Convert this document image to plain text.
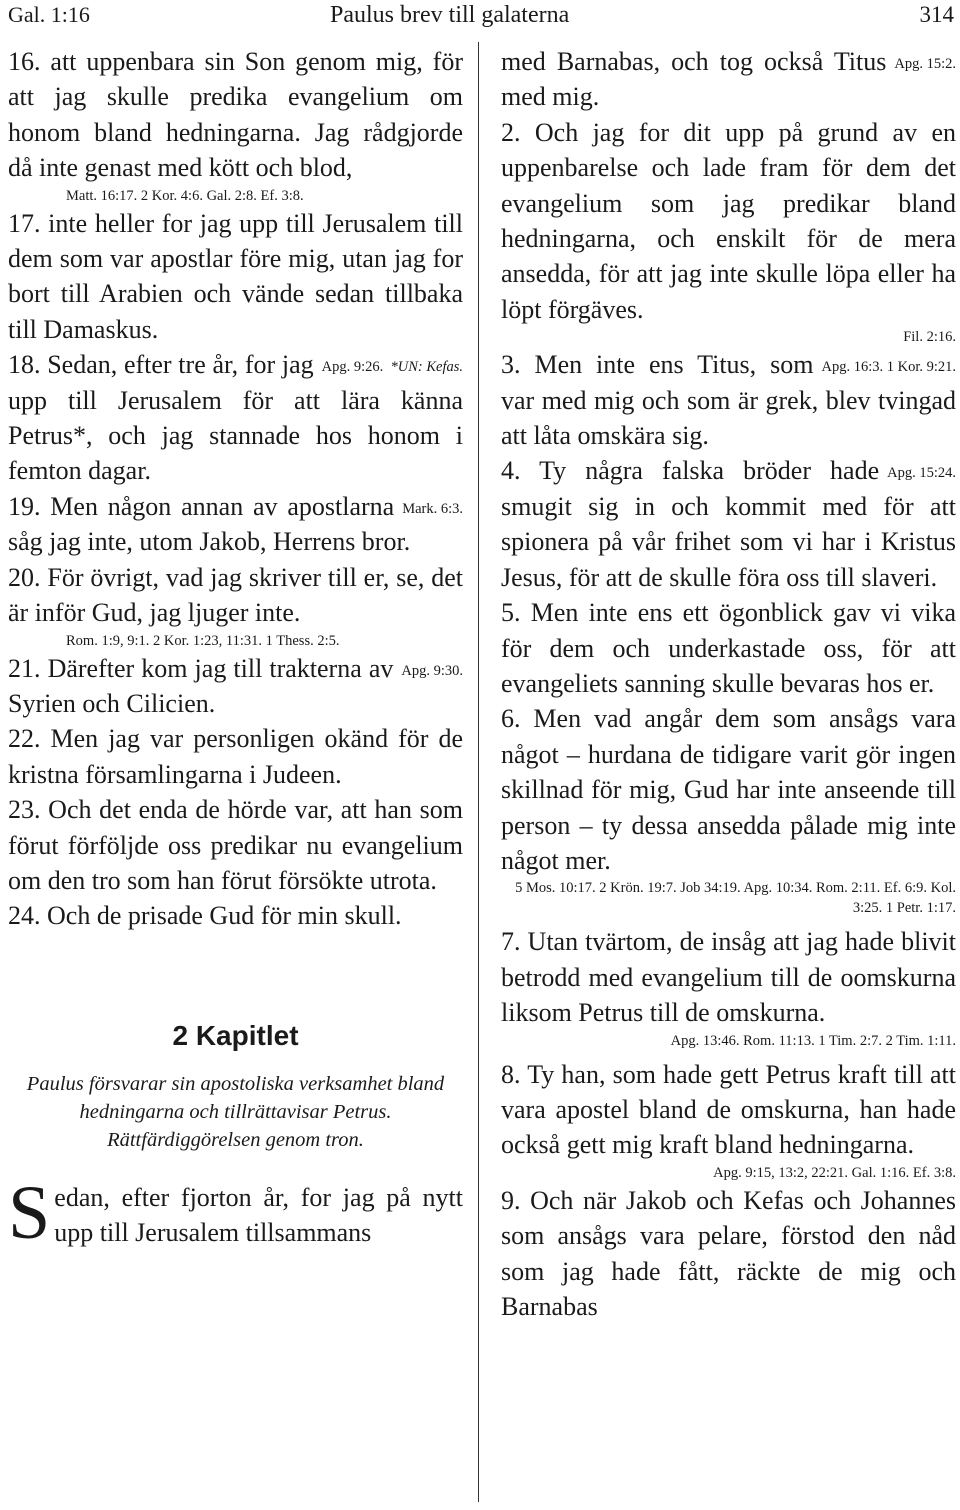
Gal. 1:16	Paulus brev till galaterna	314

16. att uppenbara sin Son genom mig, för att jag skulle predika evangelium om honom bland hedningarna. Jag rådgjorde då inte genast med kött och blod,

Matt. 16:17. 2 Kor. 4:6. Gal. 2:8. Ef. 3:8.

17. inte heller for jag upp till Jerusalem till dem som var apostlar före mig, utan jag for bort till Arabien och vände sedan tillbaka till Damaskus.

Apg. 9:26. *UN: Kefas.
18. Sedan, efter tre år, for jag upp till Jerusalem för att lära känna Petrus*, och jag stannade hos honom i femton dagar.

Mark. 6:3.
19. Men någon annan av apostlarna såg jag inte, utom Jakob, Herrens bror.

20. För övrigt, vad jag skriver till er, se, det är inför Gud, jag ljuger inte.

Rom. 1:9, 9:1. 2 Kor. 1:23, 11:31. 1 Thess. 2:5.

Apg. 9:30.
21. Därefter kom jag till trakterna av Syrien och Cilicien.

22. Men jag var personligen okänd för de kristna församlingarna i Judeen.

23. Och det enda de hörde var, att han som förut förföljde oss predikar nu evangelium om den tro som han förut försökte utrota.

24. Och de prisade Gud för min skull.

2 Kapitlet

Paulus försvarar sin apostoliska verksamhet bland hedningarna och tillrättavisar Petrus. Rättfärdiggörelsen genom tron.

Sedan, efter fjorton år, for jag på nytt upp till Jerusalem tillsammans

Apg. 15:2.
med Barnabas, och tog också Titus med mig.

2. Och jag for dit upp på grund av en uppenbarelse och lade fram för dem det evangelium som jag predikar bland hedningarna, och enskilt för de mera ansedda, för att jag inte skulle löpa eller ha löpt förgäves.

Fil. 2:16.

Apg. 16:3. 1 Kor. 9:21.
3. Men inte ens Titus, som var med mig och som är grek, blev tvingad att låta omskära sig.

Apg. 15:24.
4. Ty några falska bröder hade smugit sig in och kommit med för att spionera på vår frihet som vi har i Kristus Jesus, för att de skulle föra oss till slaveri.

5. Men inte ens ett ögonblick gav vi vika för dem och underkastade oss, för att evangeliets sanning skulle bevaras hos er.

6. Men vad angår dem som ansågs vara något – hurdana de tidigare varit gör ingen skillnad för mig, Gud har inte anseende till person – ty dessa ansedda pålade mig inte något mer.

5 Mos. 10:17. 2 Krön. 19:7. Job 34:19. Apg. 10:34. Rom. 2:11. Ef. 6:9. Kol. 3:25. 1 Petr. 1:17.

7. Utan tvärtom, de insåg att jag hade blivit betrodd med evangelium till de oomskurna liksom Petrus till de omskurna.

Apg. 13:46. Rom. 11:13. 1 Tim. 2:7. 2 Tim. 1:11.

8. Ty han, som hade gett Petrus kraft till att vara apostel bland de omskurna, han hade också gett mig kraft bland hedningarna.

Apg. 9:15, 13:2, 22:21. Gal. 1:16. Ef. 3:8.

9. Och när Jakob och Kefas och Johannes som ansågs vara pelare, förstod den nåd som jag hade fått, räckte de mig och Barnabas
